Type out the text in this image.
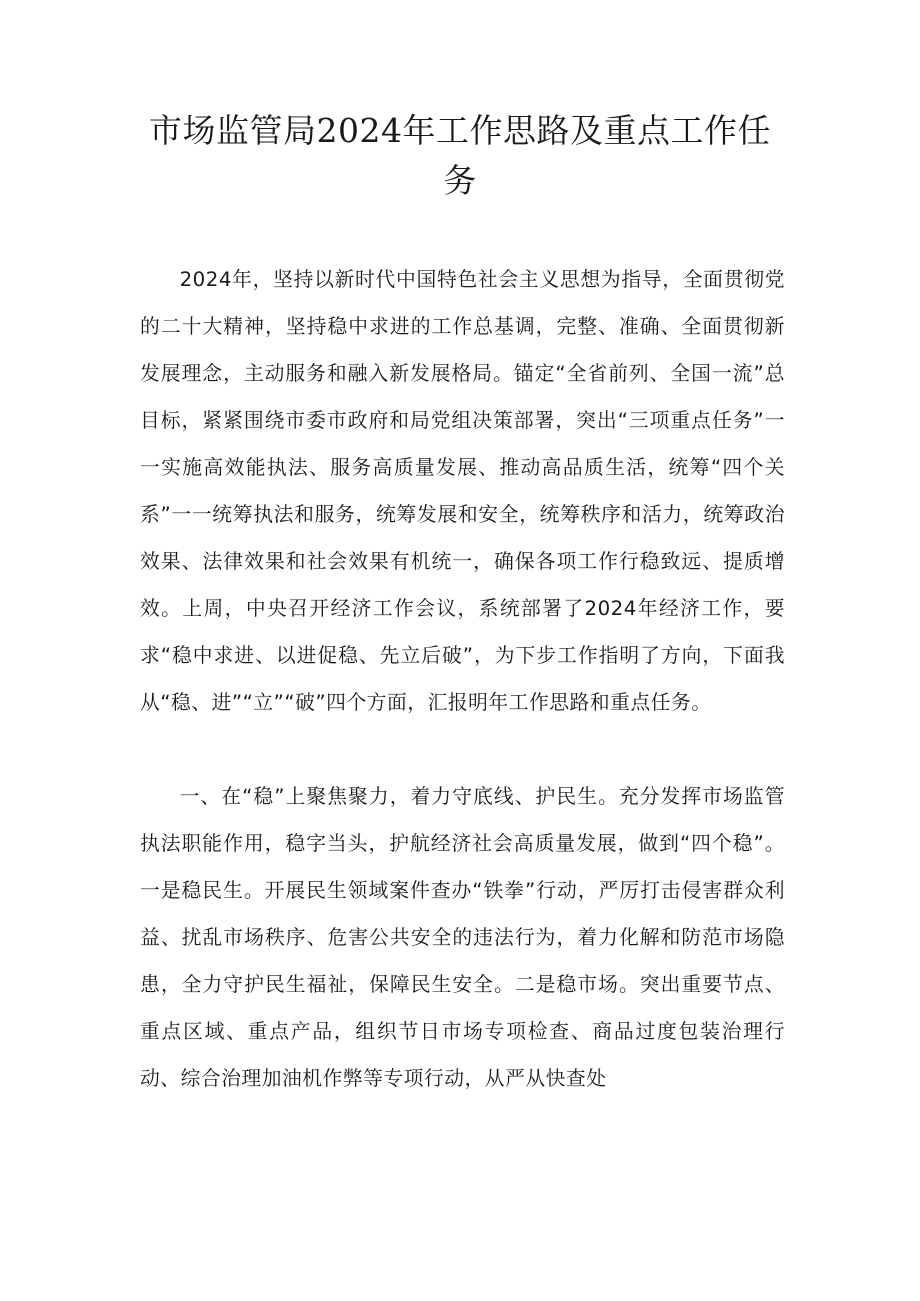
市场监管局2024年工作思路及重点工作任务

2024年，坚持以新时代中国特色社会主义思想为指导，全面贯彻党的二十大精神，坚持稳中求进的工作总基调，完整、准确、全面贯彻新发展理念，主动服务和融入新发展格局。锚定“全省前列、全国一流”总目标，紧紧围绕市委市政府和局党组决策部署，突出“三项重点任务”一一实施高效能执法、服务高质量发展、推动高品质生活，统筹“四个关系”一一统筹执法和服务，统筹发展和安全，统筹秩序和活力，统筹政治效果、法律效果和社会效果有机统一，确保各项工作行稳致远、提质增效。上周，中央召开经济工作会议，系统部署了2024年经济工作，要求“稳中求进、以进促稳、先立后破”，为下步工作指明了方向，下面我从“稳、进”“立”“破”四个方面，汇报明年工作思路和重点任务。

一、在“稳”上聚焦聚力，着力守底线、护民生。充分发挥市场监管执法职能作用，稳字当头，护航经济社会高质量发展，做到“四个稳”。一是稳民生。开展民生领域案件查办“铁拳”行动，严厉打击侵害群众利益、扰乱市场秩序、危害公共安全的违法行为，着力化解和防范市场隐患，全力守护民生福祉，保障民生安全。二是稳市场。突出重要节点、重点区域、重点产品，组织节日市场专项检查、商品过度包装治理行动、综合治理加油机作弊等专项行动，从严从快查处
